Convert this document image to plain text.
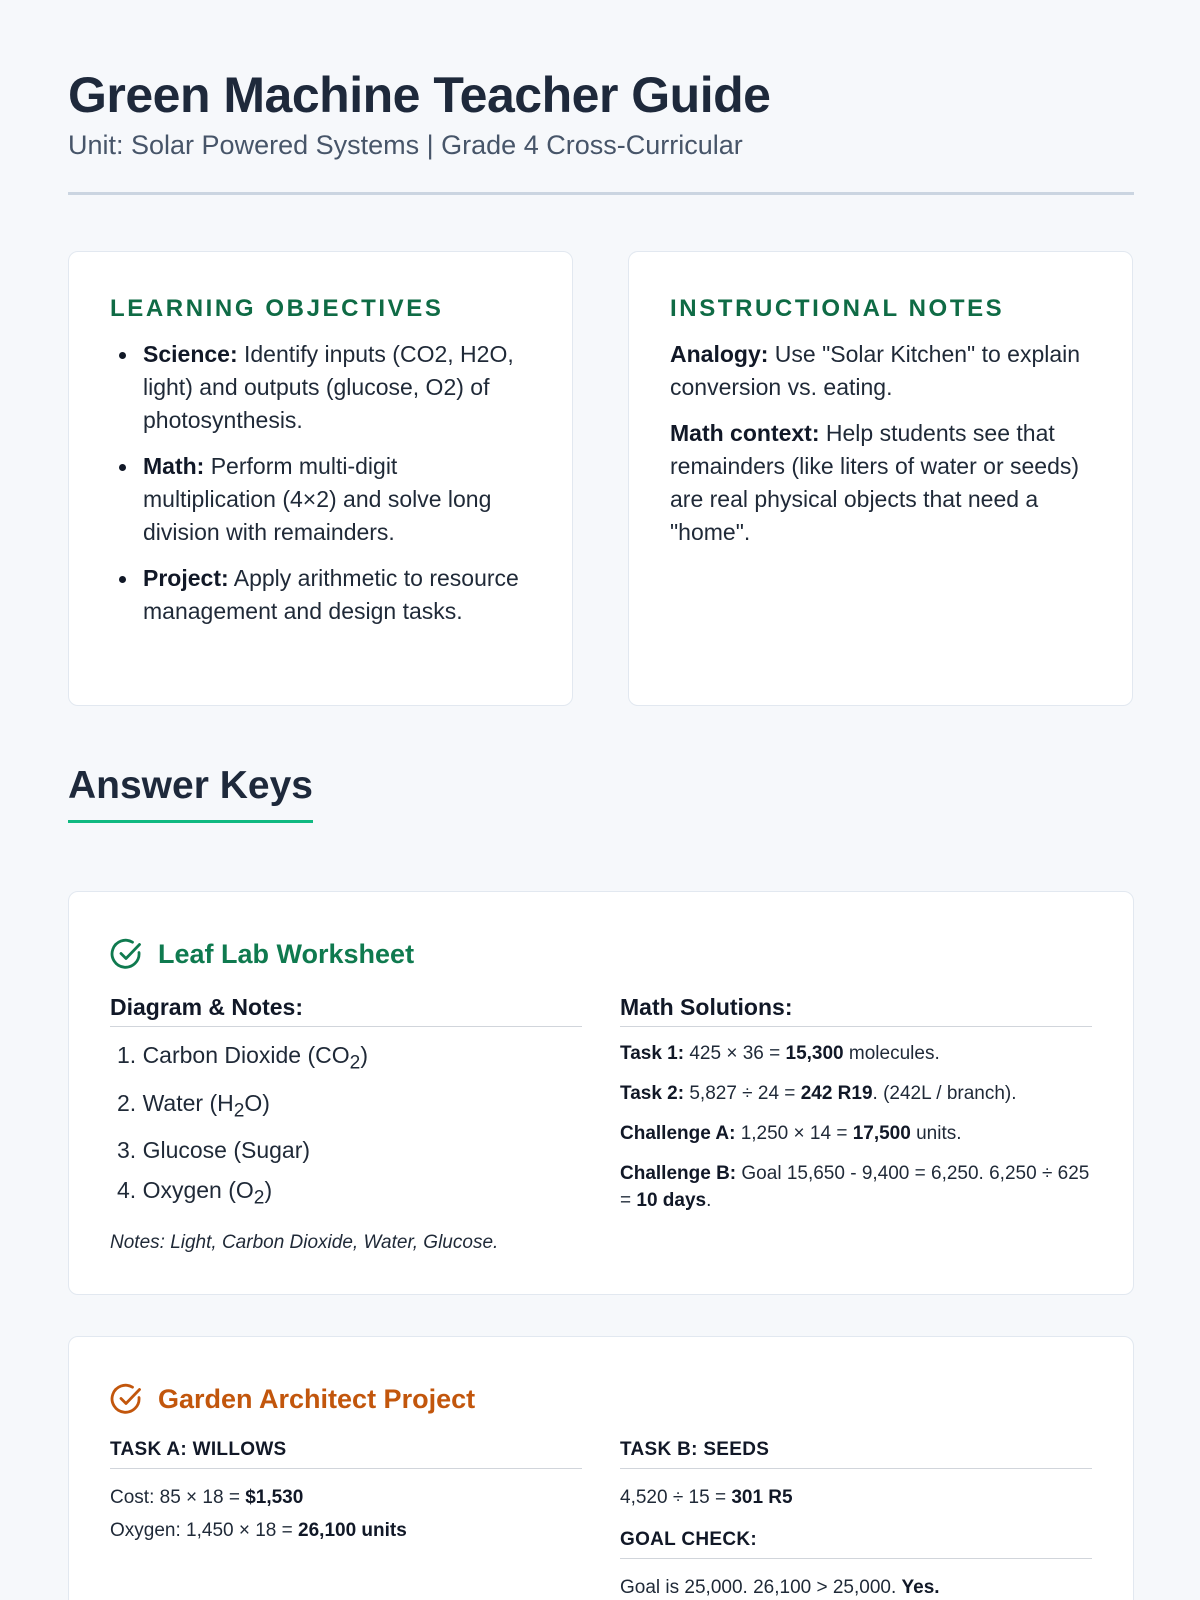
Green Machine Teacher Guide
Unit: Solar Powered Systems | Grade 4 Cross-Curricular
LEARNING OBJECTIVES
Science: Identify inputs (CO2, H2O, light) and outputs (glucose, O2) of photosynthesis.
Math: Perform multi-digit multiplication (4×2) and solve long division with remainders.
Project: Apply arithmetic to resource management and design tasks.
INSTRUCTIONAL NOTES

Analogy: Use "Solar Kitchen" to explain conversion vs. eating.

Math context: Help students see that remainders (like liters of water or seeds) are real physical objects that need a "home".

Answer Keys
Leaf Lab Worksheet
Diagram & Notes:
1. Carbon Dioxide $(CO_2)$
2. Water $(H_2O)$
3. Glucose (Sugar)
4. Oxygen $(O_2)$
Notes: Light, Carbon Dioxide, Water, Glucose.
Math Solutions:
Task 1: 425 × 36 = 15,300 molecules.
Task 2: 5,827 ÷ 24 = 242 R19. (242L / branch).
Challenge A: 1,250 × 14 = 17,500 units.
Challenge B: Goal 15,650 - 9,400 = 6,250. 6,250 ÷ 625 = 10 days.
Garden Architect Project
TASK A: WILLOWS
Cost: 85 × 18 = $1,530
Oxygen: 1,450 × 18 = 26,100 units
TASK B: SEEDS
4,520 ÷ 15 = 301 R5
GOAL CHECK:
Goal is 25,000. 26,100 > 25,000. Yes.
